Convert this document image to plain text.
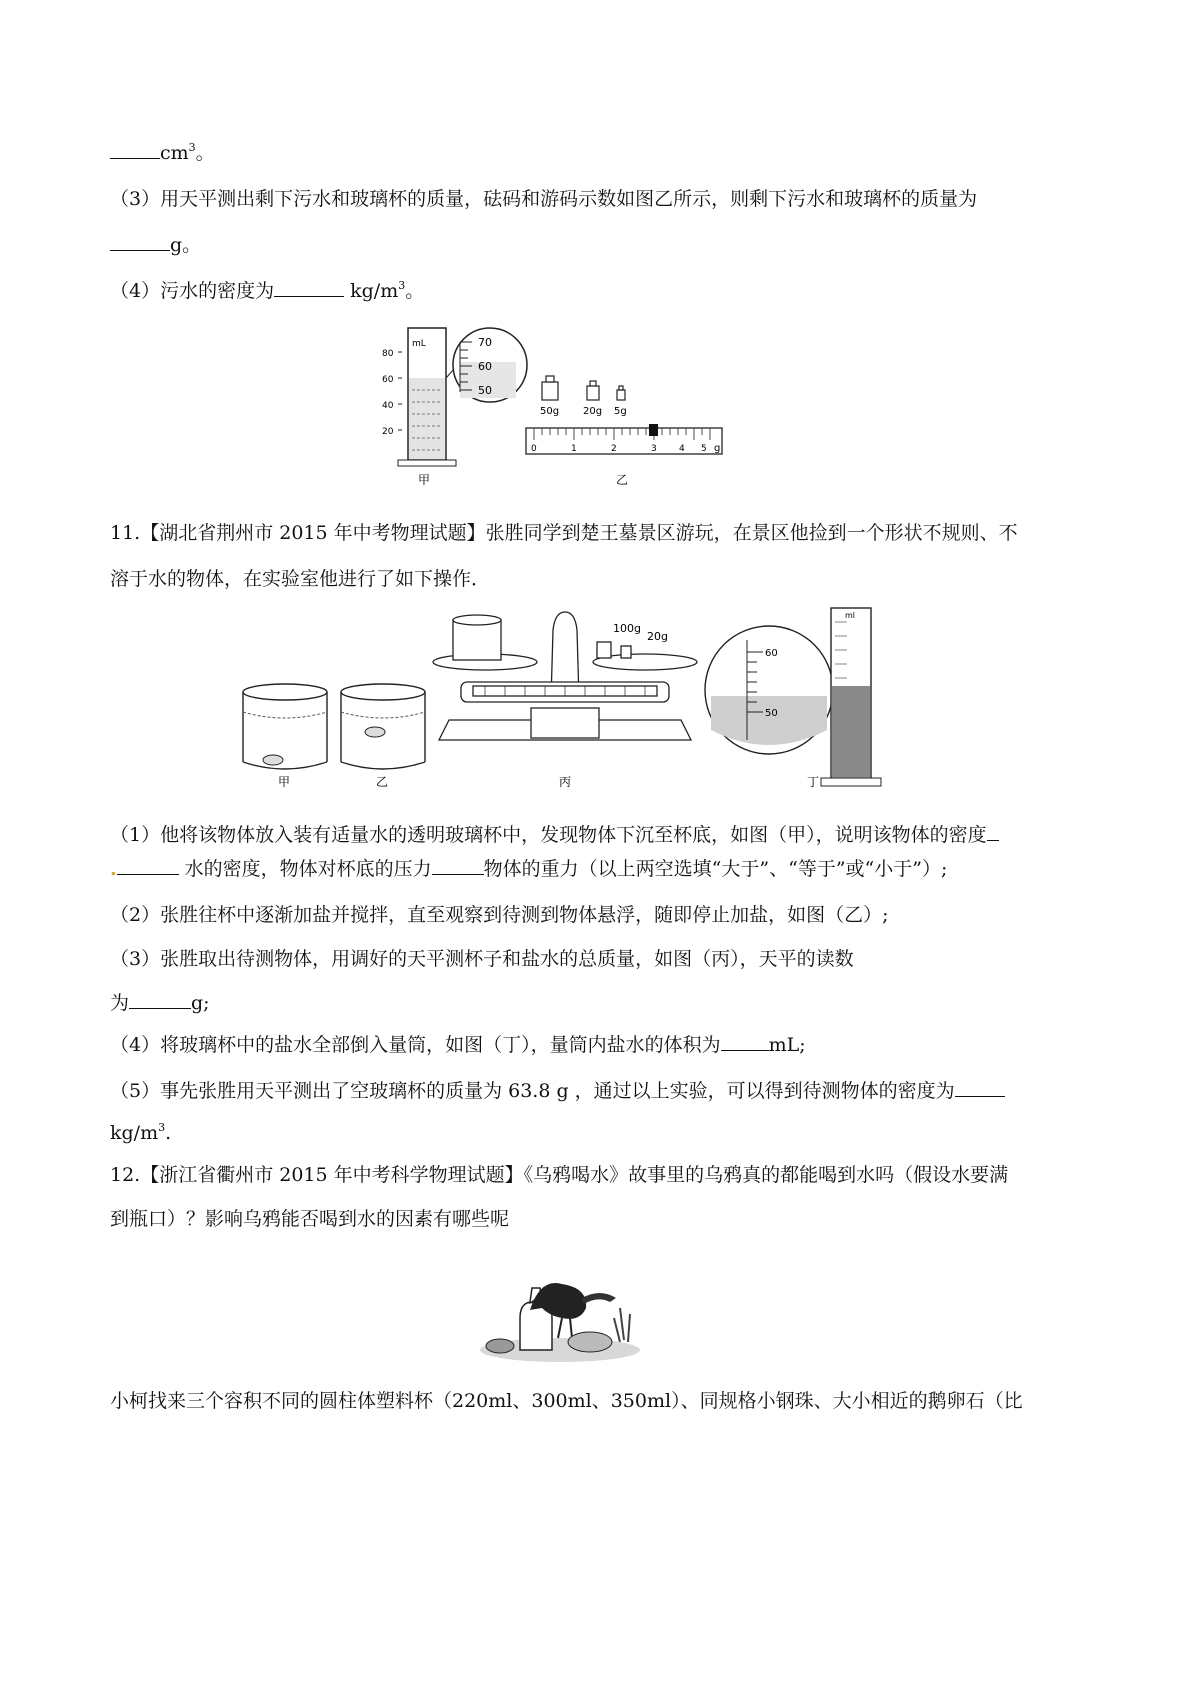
$cm^3$。
（3）用天平测出剩下污水和玻璃杯的质量，砝码和游码示数如图乙所示，则剩下污水和玻璃杯的质量为
g。
（4）污水的密度为	$kg/m^3$。
80
60
40
20
mL
甲
70
60
50
50g 20g 5g
0	1	2	3 4 5 g
乙
11.【湖北省荆州市 2015 年中考物理试题】张胜同学到楚王墓景区游玩，在景区他捡到一个形状不规则、不
溶于水的物体，在实验室他进行了如下操作．
甲	乙
100g
20g
丙
60
50
ml
丁
（1）他将该物体放入装有适量水的透明玻璃杯中，发现物体下沉至杯底，如图（甲），说明该物体的密度
.	水的密度，物体对杯底的压力	物体的重力（以上两空选填“大于”、“等于”或“小于”）;
（2）张胜往杯中逐渐加盐并搅拌，直至观察到待测到物体悬浮，随即停止加盐，如图（乙）;
（3）张胜取出待测物体，用调好的天平测杯子和盐水的总质量，如图（丙），天平的读数
为	g;
（4）将玻璃杯中的盐水全部倒入量筒，如图（丁），量筒内盐水的体积为	mL;
（5）事先张胜用天平测出了空玻璃杯的质量为 63.8 g ，通过以上实验，可以得到待测物体的密度为
$kg/m^3$.
12.【浙江省衢州市 2015 年中考科学物理试题】《乌鸦喝水》故事里的乌鸦真的都能喝到水吗（假设水要满
到瓶口）？影响乌鸦能否喝到水的因素有哪些呢
小柯找来三个容积不同的圆柱体塑料杯（220ml、300ml、350ml）、同规格小钢珠、大小相近的鹅卵石（比
